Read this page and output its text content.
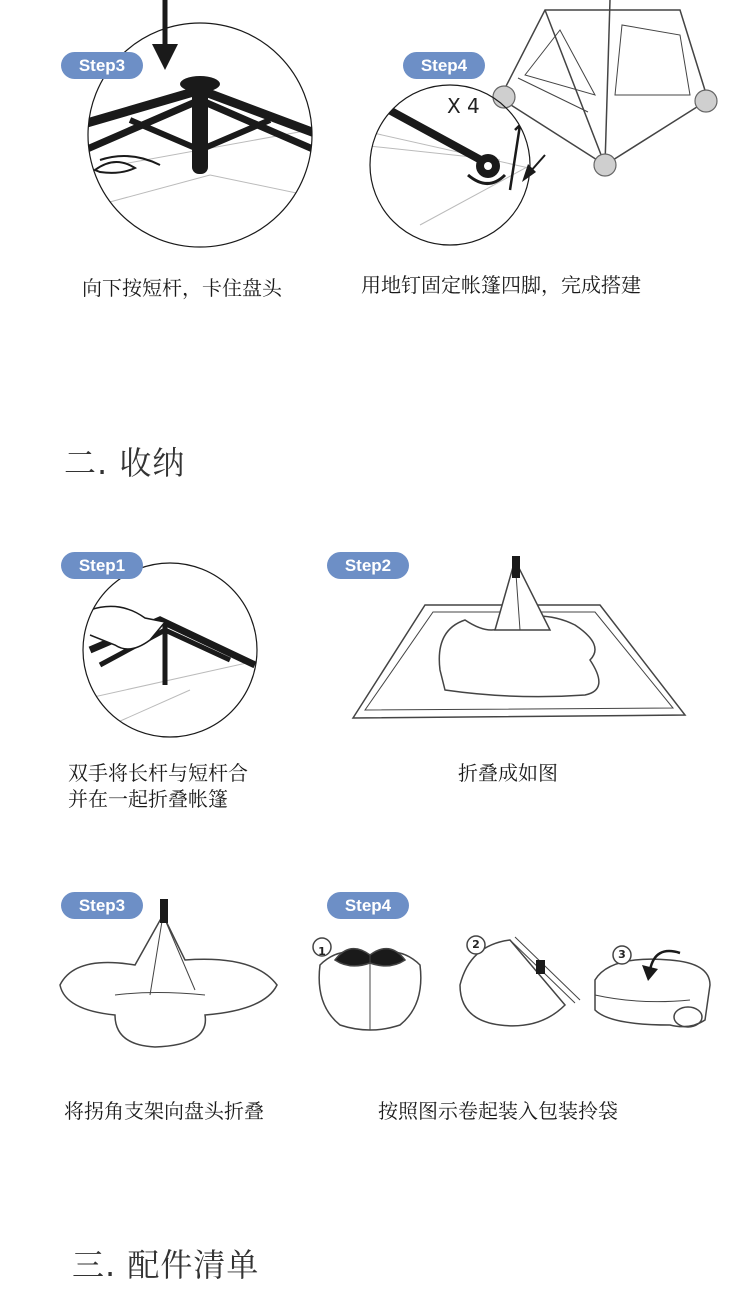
Step3
向下按短杆，卡住盘头
Step4
X 4
用地钉固定帐篷四脚，完成搭建
二. 收纳
Step1
双手将长杆与短杆合
并在一起折叠帐篷
Step2
折叠成如图
Step3
将拐角支架向盘头折叠
1
2
3
Step4
按照图示卷起装入包装拎袋
三. 配件清单
